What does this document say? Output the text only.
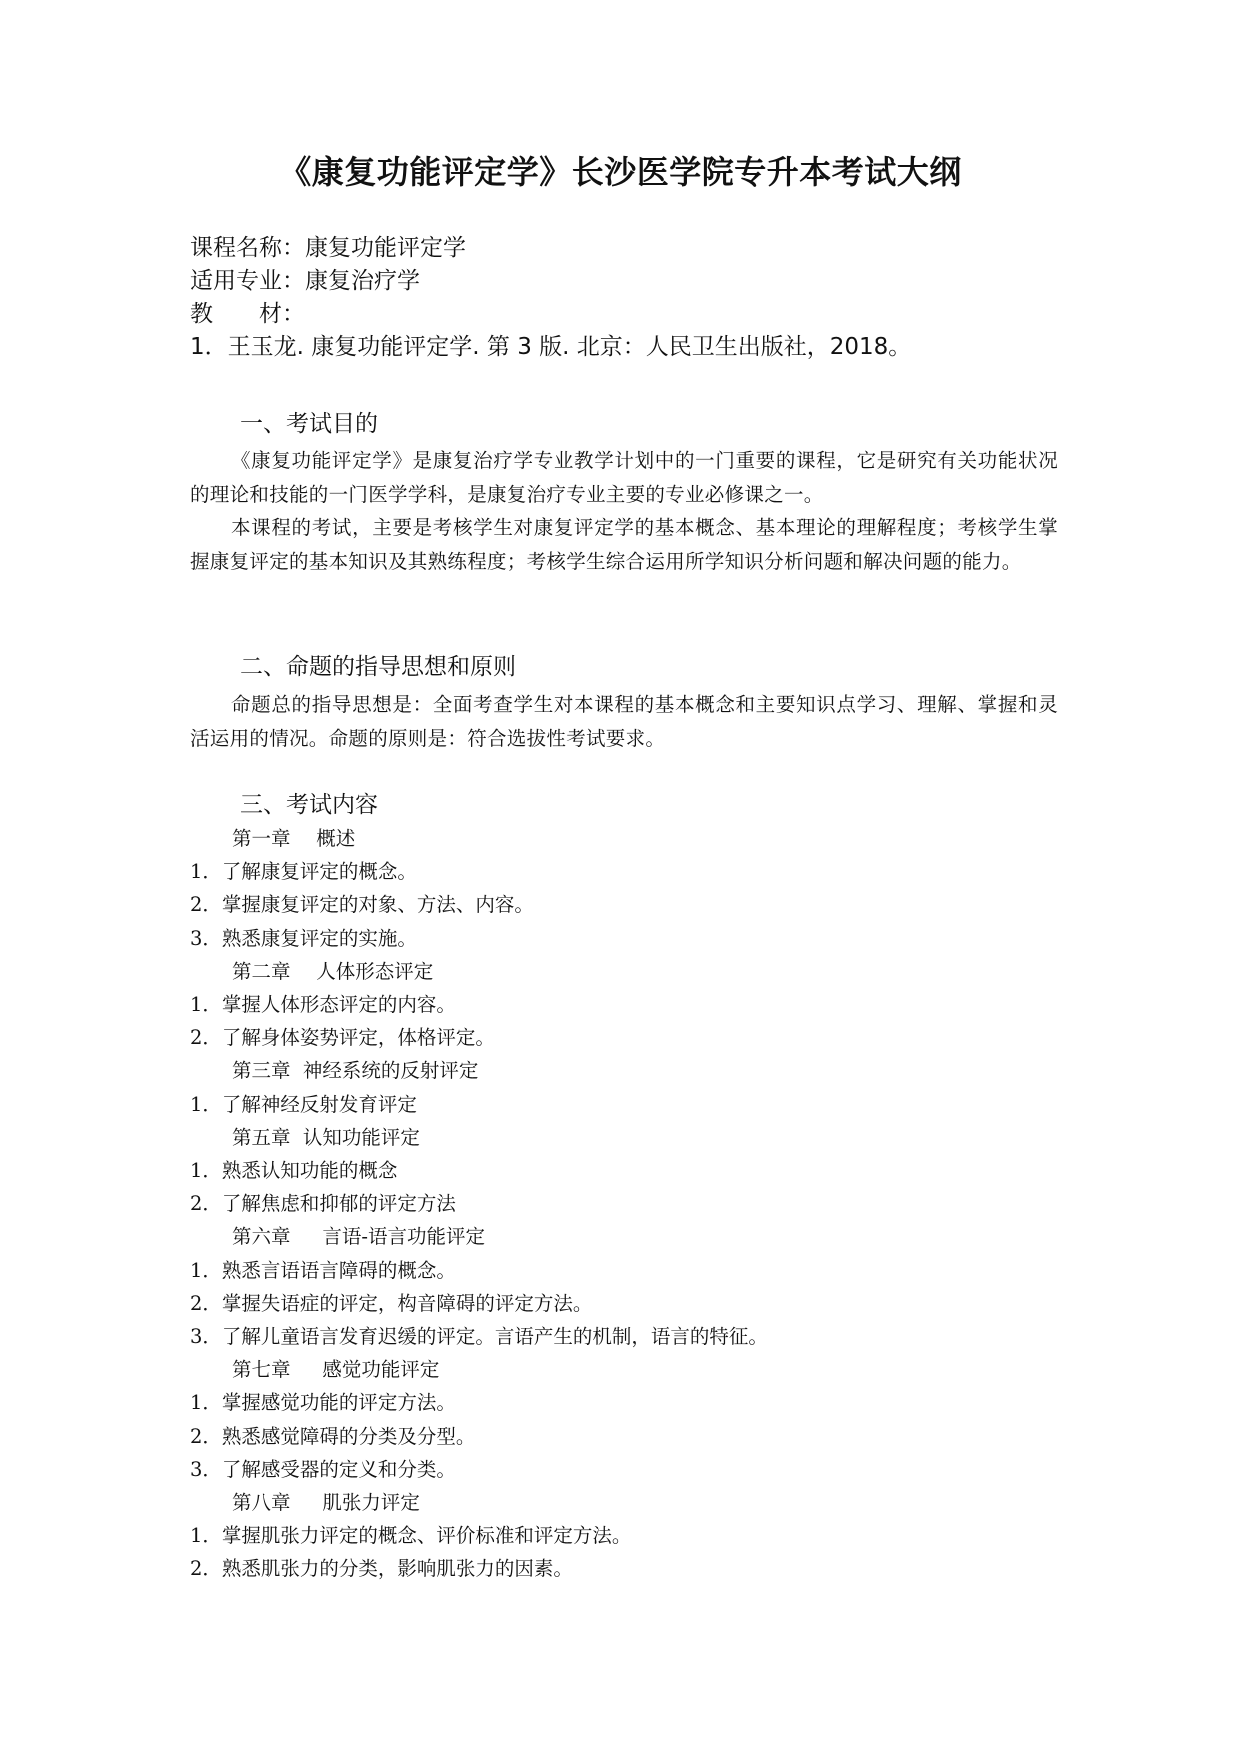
《康复功能评定学》长沙医学院专升本考试大纲
课程名称：康复功能评定学
适用专业：康复治疗学
教　　材：
1．王玉龙. 康复功能评定学. 第 3 版. 北京：人民卫生出版社，2018。
一、考试目的
《康复功能评定学》是康复治疗学专业教学计划中的一门重要的课程，它是研究有关功能状况的理论和技能的一门医学学科，是康复治疗专业主要的专业必修课之一。
本课程的考试，主要是考核学生对康复评定学的基本概念、基本理论的理解程度；考核学生掌握康复评定的基本知识及其熟练程度；考核学生综合运用所学知识分析问题和解决问题的能力。
二、命题的指导思想和原则
命题总的指导思想是：全面考查学生对本课程的基本概念和主要知识点学习、理解、掌握和灵活运用的情况。命题的原则是：符合选拔性考试要求。
三、考试内容
第一章　 概述
1．了解康复评定的概念。
2．掌握康复评定的对象、方法、内容。
3．熟悉康复评定的实施。
第二章　 人体形态评定
1．掌握人体形态评定的内容。
2．了解身体姿势评定，体格评定。
第三章  神经系统的反射评定
1．了解神经反射发育评定
第五章  认知功能评定
1．熟悉认知功能的概念
2．了解焦虑和抑郁的评定方法
第六章　  言语-语言功能评定
1．熟悉言语语言障碍的概念。
2．掌握失语症的评定，构音障碍的评定方法。
3．了解儿童语言发育迟缓的评定。言语产生的机制，语言的特征。
第七章　  感觉功能评定
1．掌握感觉功能的评定方法。
2．熟悉感觉障碍的分类及分型。
3．了解感受器的定义和分类。
第八章　  肌张力评定
1．掌握肌张力评定的概念、评价标准和评定方法。
2．熟悉肌张力的分类，影响肌张力的因素。
